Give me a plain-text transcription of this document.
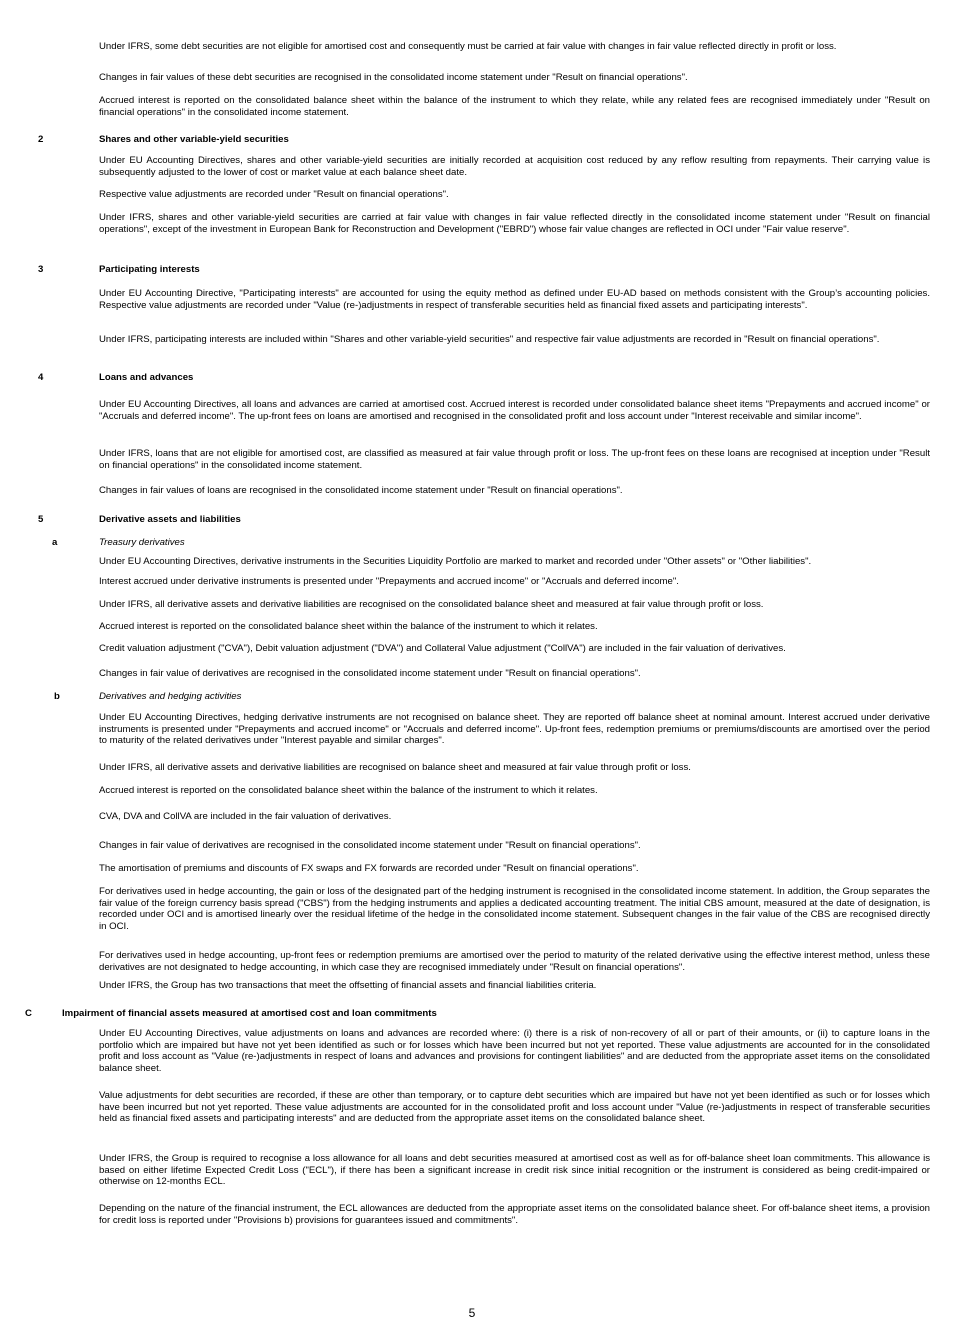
Under IFRS, some debt securities are not eligible for amortised cost and consequently must be carried at fair value with changes in fair value reflected directly in profit or loss.

Changes in fair values of these debt securities are recognised in the consolidated income statement under "Result on financial operations".

Accrued interest is reported on the consolidated balance sheet within the balance of the instrument to which they relate, while any related fees are recognised immediately under "Result on financial operations" in the consolidated income statement.

2	Shares and other variable-yield securities

Under EU Accounting Directives, shares and other variable-yield securities are initially recorded at acquisition cost reduced by any reflow resulting from repayments. Their carrying value is subsequently adjusted to the lower of cost or market value at each balance sheet date.

Respective value adjustments are recorded under "Result on financial operations".

Under IFRS, shares and other variable-yield securities are carried at fair value with changes in fair value reflected directly in the consolidated income statement under "Result on financial operations", except of the investment in European Bank for Reconstruction and Development ("EBRD") whose fair value changes are reflected in OCI under "Fair value reserve".

3	Participating interests

Under EU Accounting Directive, "Participating interests" are accounted for using the equity method as defined under EU-AD based on methods consistent with the Group’s accounting policies. Respective value adjustments are recorded under "Value (re-)adjustments in respect of transferable securities held as financial fixed assets and participating interests".

Under IFRS, participating interests are included within "Shares and other variable-yield securities" and respective fair value adjustments are recorded in "Result on financial operations".

4	Loans and advances

Under EU Accounting Directives, all loans and advances are carried at amortised cost. Accrued interest is recorded under consolidated balance sheet items "Prepayments and accrued income" or "Accruals and deferred income". The up-front fees on loans are amortised and recognised in the consolidated profit and loss account under "Interest receivable and similar income".

Under IFRS, loans that are not eligible for amortised cost, are classified as measured at fair value through profit or loss. The up-front fees on these loans are recognised at inception under "Result on financial operations" in the consolidated income statement.

Changes in fair values of loans are recognised in the consolidated income statement under "Result on financial operations".

5	Derivative assets and liabilities
a	Treasury derivatives

Under EU Accounting Directives, derivative instruments in the Securities Liquidity Portfolio are marked to market and recorded under "Other assets" or "Other liabilities".

Interest accrued under derivative instruments is presented under "Prepayments and accrued income" or "Accruals and deferred income".

Under IFRS, all derivative assets and derivative liabilities are recognised on the consolidated balance sheet and measured at fair value through profit or loss.

Accrued interest is reported on the consolidated balance sheet within the balance of the instrument to which it relates.

Credit valuation adjustment ("CVA"), Debit valuation adjustment ("DVA") and Collateral Value adjustment ("CollVA") are included in the fair valuation of derivatives.

Changes in fair value of derivatives are recognised in the consolidated income statement under "Result on financial operations".

b	Derivatives and hedging activities

Under EU Accounting Directives, hedging derivative instruments are not recognised on balance sheet. They are reported off balance sheet at nominal amount. Interest accrued under derivative instruments is presented under "Prepayments and accrued income" or "Accruals and deferred income". Up-front fees, redemption premiums or premiums/discounts are amortised over the period to maturity of the related derivatives under "Interest payable and similar charges".

Under IFRS, all derivative assets and derivative liabilities are recognised on balance sheet and measured at fair value through profit or loss.

Accrued interest is reported on the consolidated balance sheet within the balance of the instrument to which it relates.

CVA, DVA and CollVA are included in the fair valuation of derivatives.

Changes in fair value of derivatives are recognised in the consolidated income statement under "Result on financial operations".

The amortisation of premiums and discounts of FX swaps and FX forwards are recorded under "Result on financial operations".

For derivatives used in hedge accounting, the gain or loss of the designated part of the hedging instrument is recognised in the consolidated income statement. In addition, the Group separates the fair value of the foreign currency basis spread ("CBS") from the hedging instruments and applies a dedicated accounting treatment. The initial CBS amount, measured at the date of designation, is recorded under OCI and is amortised linearly over the residual lifetime of the hedge in the consolidated income statement. Subsequent changes in the fair value of the CBS are recognised directly in OCI.

For derivatives used in hedge accounting, up-front fees or redemption premiums are amortised over the period to maturity of the related derivative using the effective interest method, unless these derivatives are not designated to hedge accounting, in which case they are recognised immediately under "Result on financial operations".

Under IFRS, the Group has two transactions that meet the offsetting of financial assets and financial liabilities criteria.

C	Impairment of financial assets measured at amortised cost and loan commitments

Under EU Accounting Directives, value adjustments on loans and advances are recorded where: (i) there is a risk of non-recovery of all or part of their amounts, or (ii) to capture loans in the portfolio which are impaired but have not yet been identified as such or for losses which have been incurred but not yet reported. These value adjustments are accounted for in the consolidated profit and loss account as "Value (re-)adjustments in respect of loans and advances and provisions for contingent liabilities" and are deducted from the appropriate asset items on the consolidated balance sheet.

Value adjustments for debt securities are recorded, if these are other than temporary, or to capture debt securities which are impaired but have not yet been identified as such or for losses which have been incurred but not yet reported. These value adjustments are accounted for in the consolidated profit and loss account under "Value (re-)adjustments in respect of transferable securities held as financial fixed assets and participating interests" and are deducted from the appropriate asset items on the consolidated balance sheet.

Under IFRS, the Group is required to recognise a loss allowance for all loans and debt securities measured at amortised cost as well as for off-balance sheet loan commitments. This allowance is based on either lifetime Expected Credit Loss ("ECL"), if there has been a significant increase in credit risk since initial recognition or the instrument is considered as being credit-impaired or otherwise on 12-months ECL.

Depending on the nature of the financial instrument, the ECL allowances are deducted from the appropriate asset items on the consolidated balance sheet. For off-balance sheet items, a provision for credit loss is reported under "Provisions b) provisions for guarantees issued and commitments".

5
